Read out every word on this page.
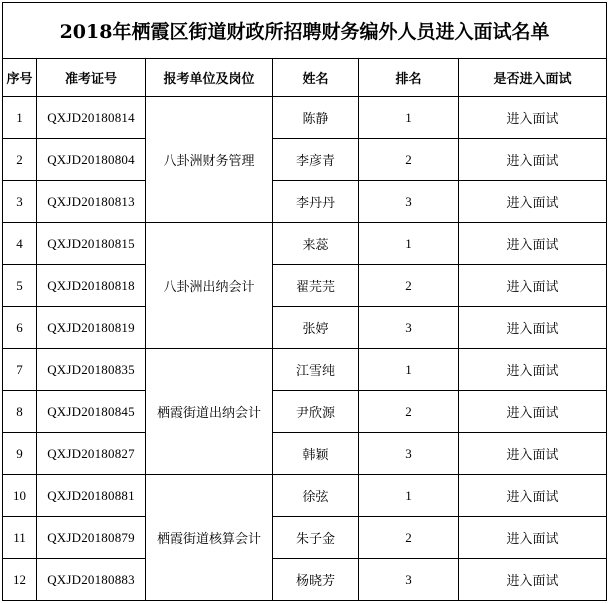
2018年栖霞区街道财政所招聘财务编外人员进入面试名单					
序号	准考证号	报考单位及岗位	姓名	排名	是否进入面试
1	QXJD20180814	八卦洲财务管理	陈静	1	进入面试
2	QXJD20180804		李彦青	2	进入面试
3	QXJD20180813		李丹丹	3	进入面试
4	QXJD20180815	八卦洲出纳会计	来蕊	1	进入面试
5	QXJD20180818		翟芫芫	2	进入面试
6	QXJD20180819		张婷	3	进入面试
7	QXJD20180835	栖霞街道出纳会计	江雪纯	1	进入面试
8	QXJD20180845		尹欣源	2	进入面试
9	QXJD20180827		韩颖	3	进入面试
10	QXJD20180881	栖霞街道核算会计	徐弦	1	进入面试
11	QXJD20180879		朱子金	2	进入面试
12	QXJD20180883		杨晓芳	3	进入面试
